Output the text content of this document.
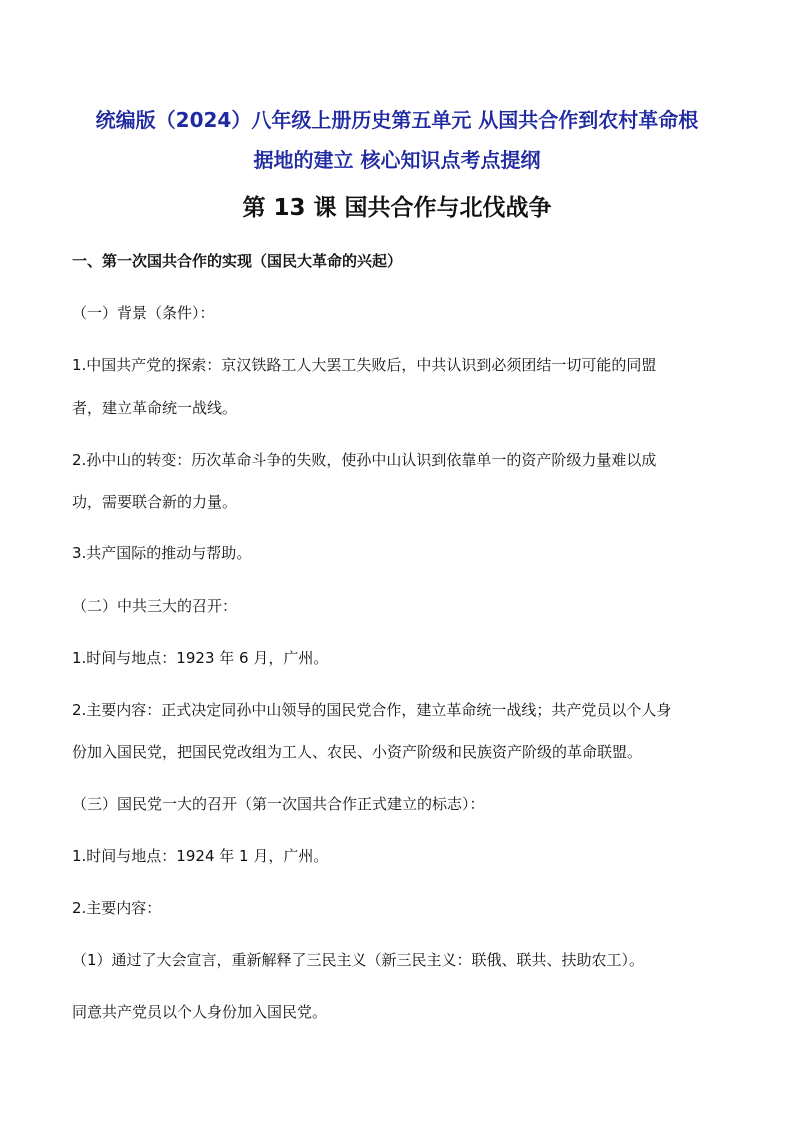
统编版（2024）八年级上册历史第五单元 从国共合作到农村革命根
据地的建立 核心知识点考点提纲
第 13 课 国共合作与北伐战争
一、第一次国共合作的实现（国民大革命的兴起）
（一）背景（条件）：
1.中国共产党的探索：京汉铁路工人大罢工失败后，中共认识到必须团结一切可能的同盟
者，建立革命统一战线。
2.孙中山的转变：历次革命斗争的失败，使孙中山认识到依靠单一的资产阶级力量难以成
功，需要联合新的力量。
3.共产国际的推动与帮助。
（二）中共三大的召开：
1.时间与地点：1923 年 6 月，广州。
2.主要内容：正式决定同孙中山领导的国民党合作，建立革命统一战线；共产党员以个人身
份加入国民党，把国民党改组为工人、农民、小资产阶级和民族资产阶级的革命联盟。
（三）国民党一大的召开（第一次国共合作正式建立的标志）：
1.时间与地点：1924 年 1 月，广州。
2.主要内容：
（1）通过了大会宣言，重新解释了三民主义（新三民主义：联俄、联共、扶助农工）。
同意共产党员以个人身份加入国民党。
